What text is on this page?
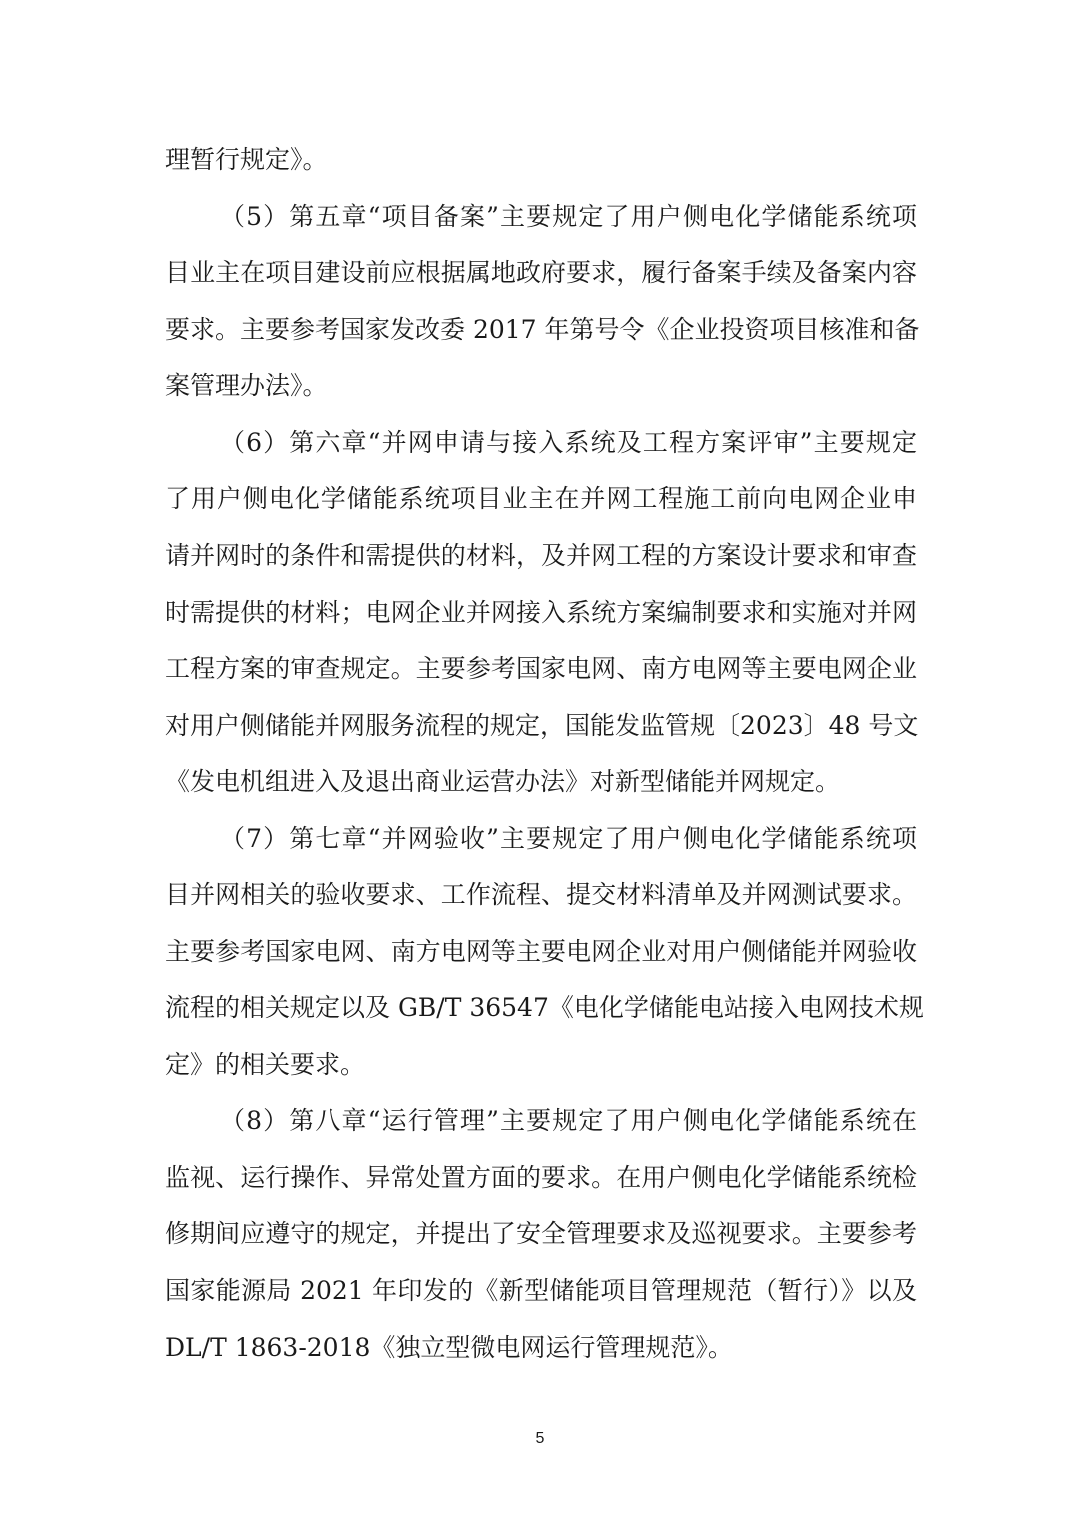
理暂行规定》。
（5）第五章“项目备案”主要规定了用户侧电化学储能系统项
目业主在项目建设前应根据属地政府要求，履行备案手续及备案内容
要求。主要参考国家发改委 2017 年第号令《企业投资项目核准和备
案管理办法》。
（6）第六章“并网申请与接入系统及工程方案评审”主要规定
了用户侧电化学储能系统项目业主在并网工程施工前向电网企业申
请并网时的条件和需提供的材料，及并网工程的方案设计要求和审查
时需提供的材料；电网企业并网接入系统方案编制要求和实施对并网
工程方案的审查规定。主要参考国家电网、南方电网等主要电网企业
对用户侧储能并网服务流程的规定，国能发监管规〔2023〕48 号文
《发电机组进入及退出商业运营办法》对新型储能并网规定。
（7）第七章“并网验收”主要规定了用户侧电化学储能系统项
目并网相关的验收要求、工作流程、提交材料清单及并网测试要求。
主要参考国家电网、南方电网等主要电网企业对用户侧储能并网验收
流程的相关规定以及 GB/T 36547《电化学储能电站接入电网技术规
定》的相关要求。
（8）第八章“运行管理”主要规定了用户侧电化学储能系统在
监视、运行操作、异常处置方面的要求。在用户侧电化学储能系统检
修期间应遵守的规定，并提出了安全管理要求及巡视要求。主要参考
国家能源局 2021 年印发的《新型储能项目管理规范（暂行）》以及
DL/T 1863-2018《独立型微电网运行管理规范》。
5
